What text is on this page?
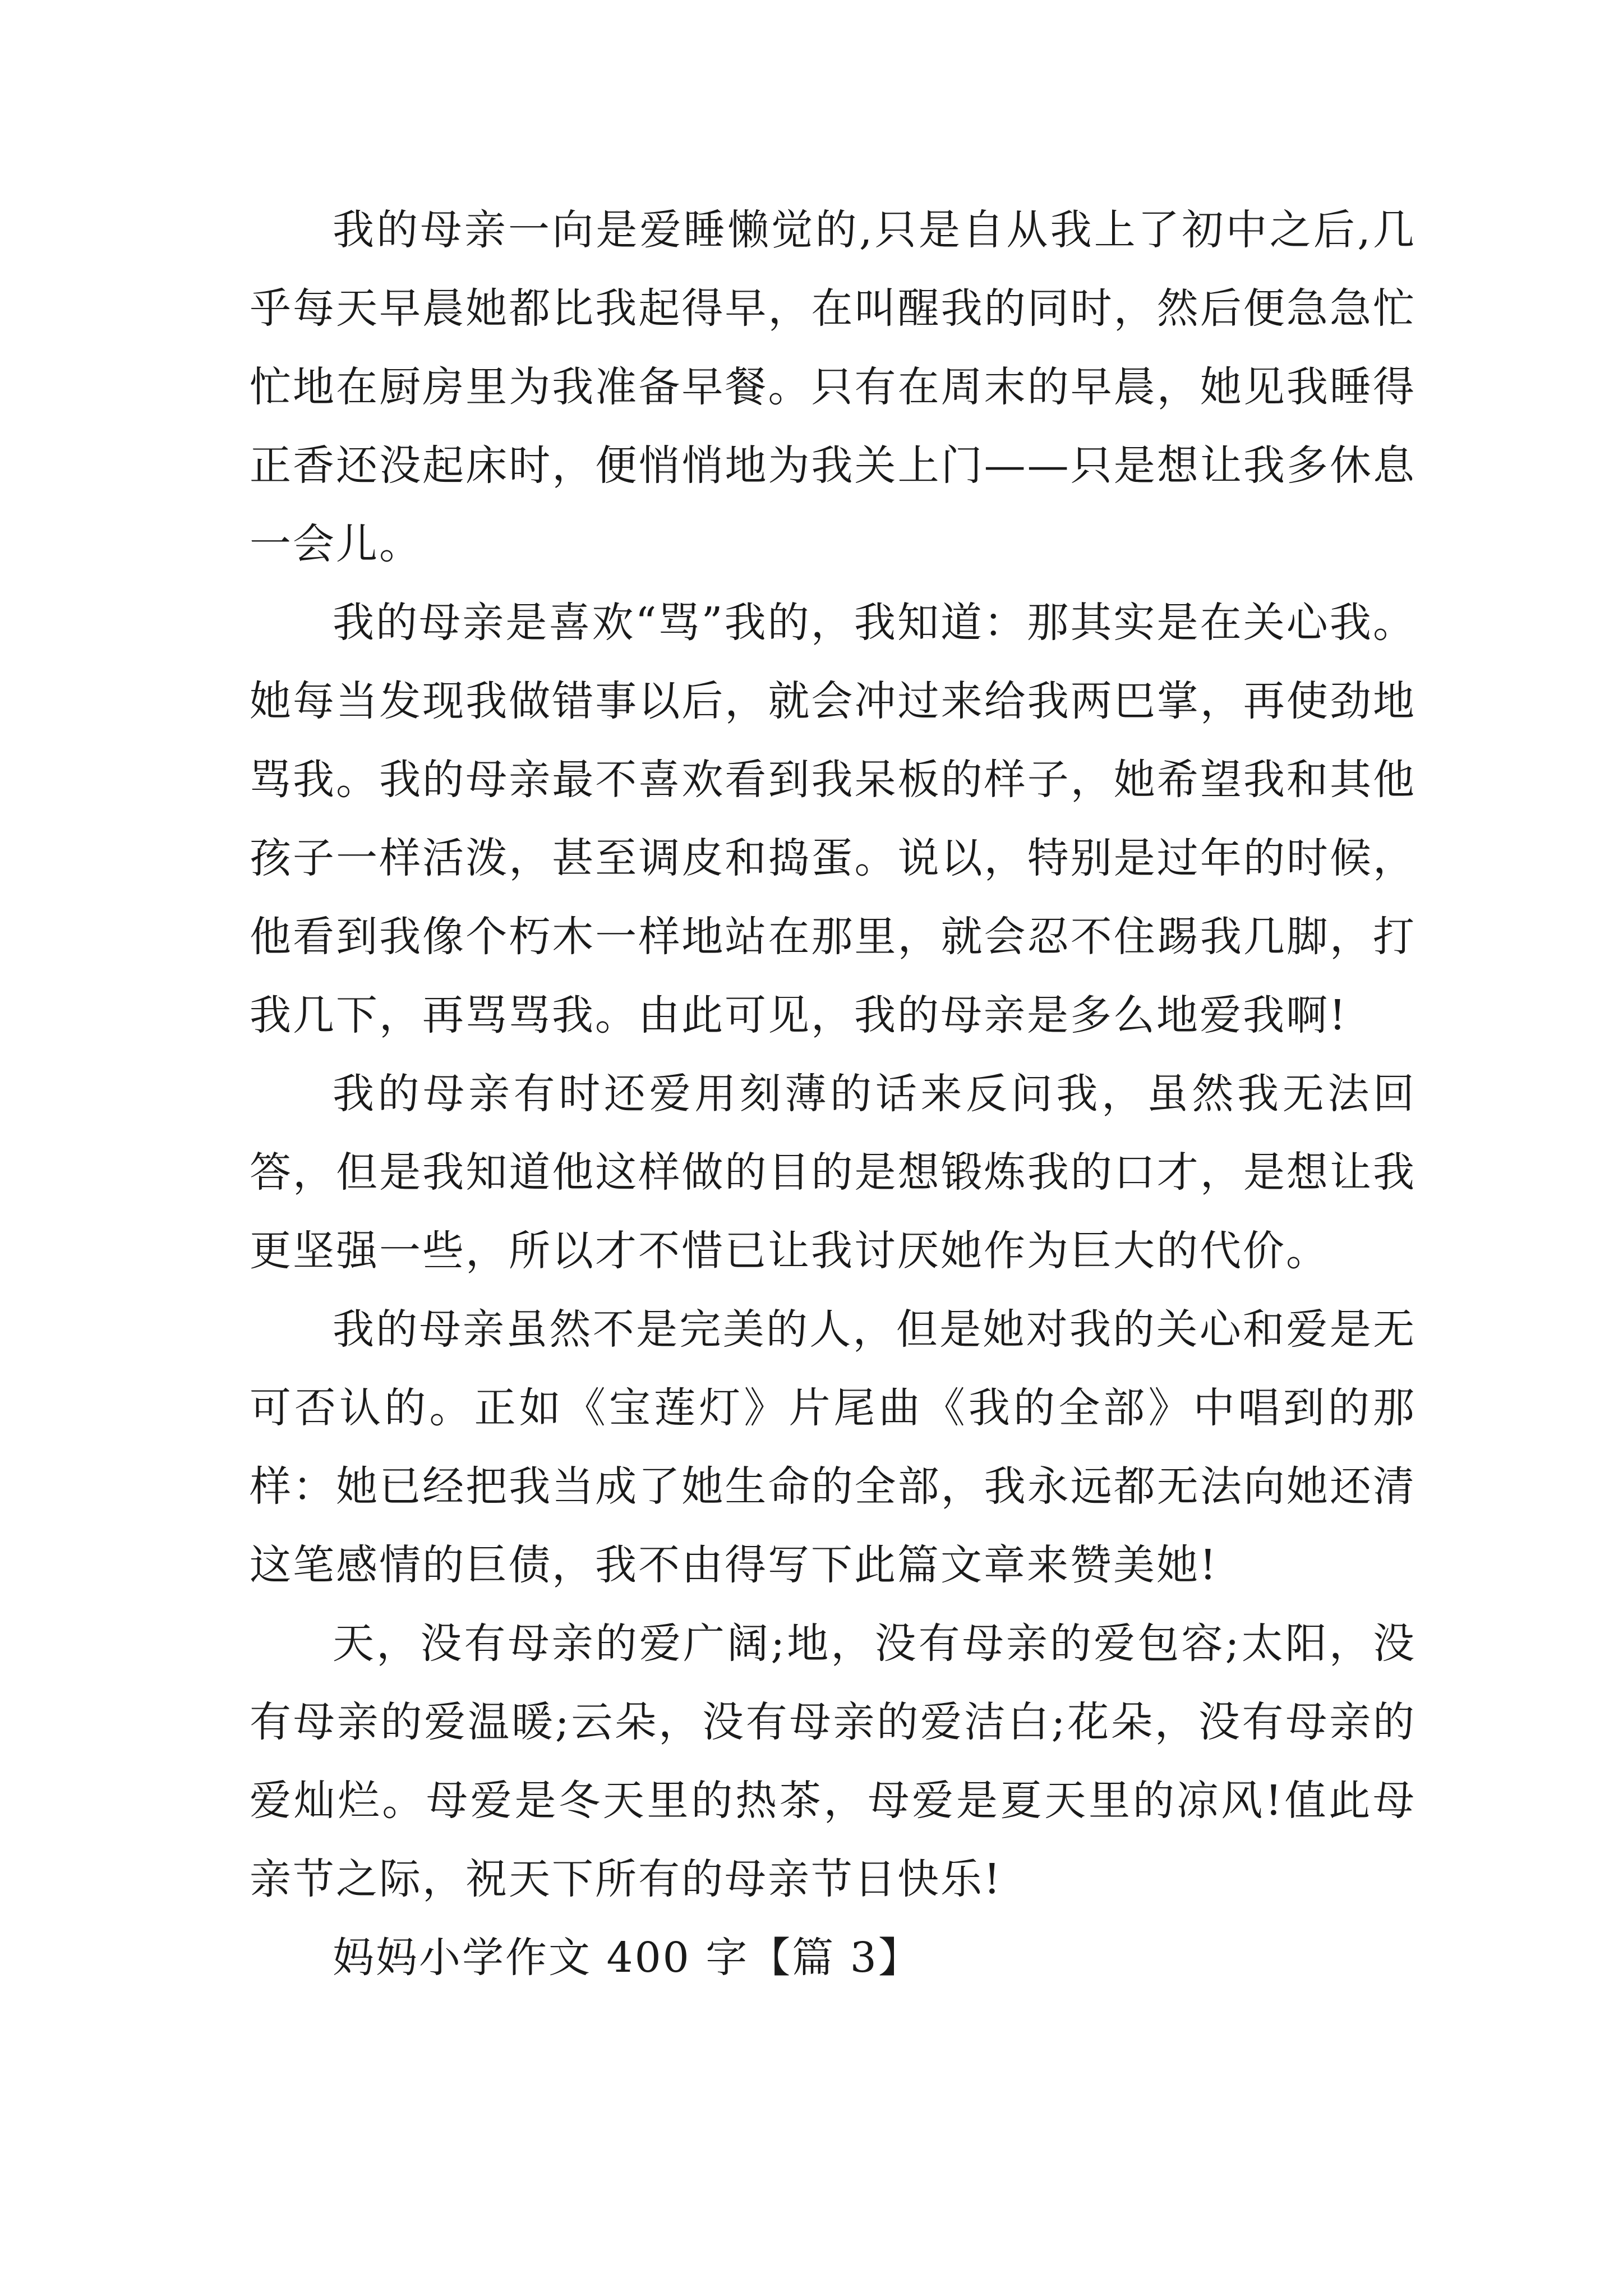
我的母亲一向是爱睡懒觉的,只是自从我上了初中之后,几乎每天早晨她都比我起得早，在叫醒我的同时，然后便急急忙忙地在厨房里为我准备早餐。只有在周末的早晨，她见我睡得正香还没起床时，便悄悄地为我关上门——只是想让我多休息一会儿。

我的母亲是喜欢“骂”我的，我知道：那其实是在关心我。她每当发现我做错事以后，就会冲过来给我两巴掌，再使劲地骂我。我的母亲最不喜欢看到我呆板的样子，她希望我和其他孩子一样活泼，甚至调皮和捣蛋。说以，特别是过年的时候，他看到我像个朽木一样地站在那里，就会忍不住踢我几脚，打我几下，再骂骂我。由此可见，我的母亲是多么地爱我啊!

我的母亲有时还爱用刻薄的话来反问我，虽然我无法回答，但是我知道他这样做的目的是想锻炼我的口才，是想让我更坚强一些，所以才不惜已让我讨厌她作为巨大的代价。

我的母亲虽然不是完美的人，但是她对我的关心和爱是无可否认的。正如《宝莲灯》片尾曲《我的全部》中唱到的那样：她已经把我当成了她生命的全部，我永远都无法向她还清这笔感情的巨债，我不由得写下此篇文章来赞美她!

天，没有母亲的爱广阔;地，没有母亲的爱包容;太阳，没有母亲的爱温暖;云朵，没有母亲的爱洁白;花朵，没有母亲的爱灿烂。母爱是冬天里的热茶，母爱是夏天里的凉风!值此母亲节之际，祝天下所有的母亲节日快乐!

妈妈小学作文 400 字【篇 3】
